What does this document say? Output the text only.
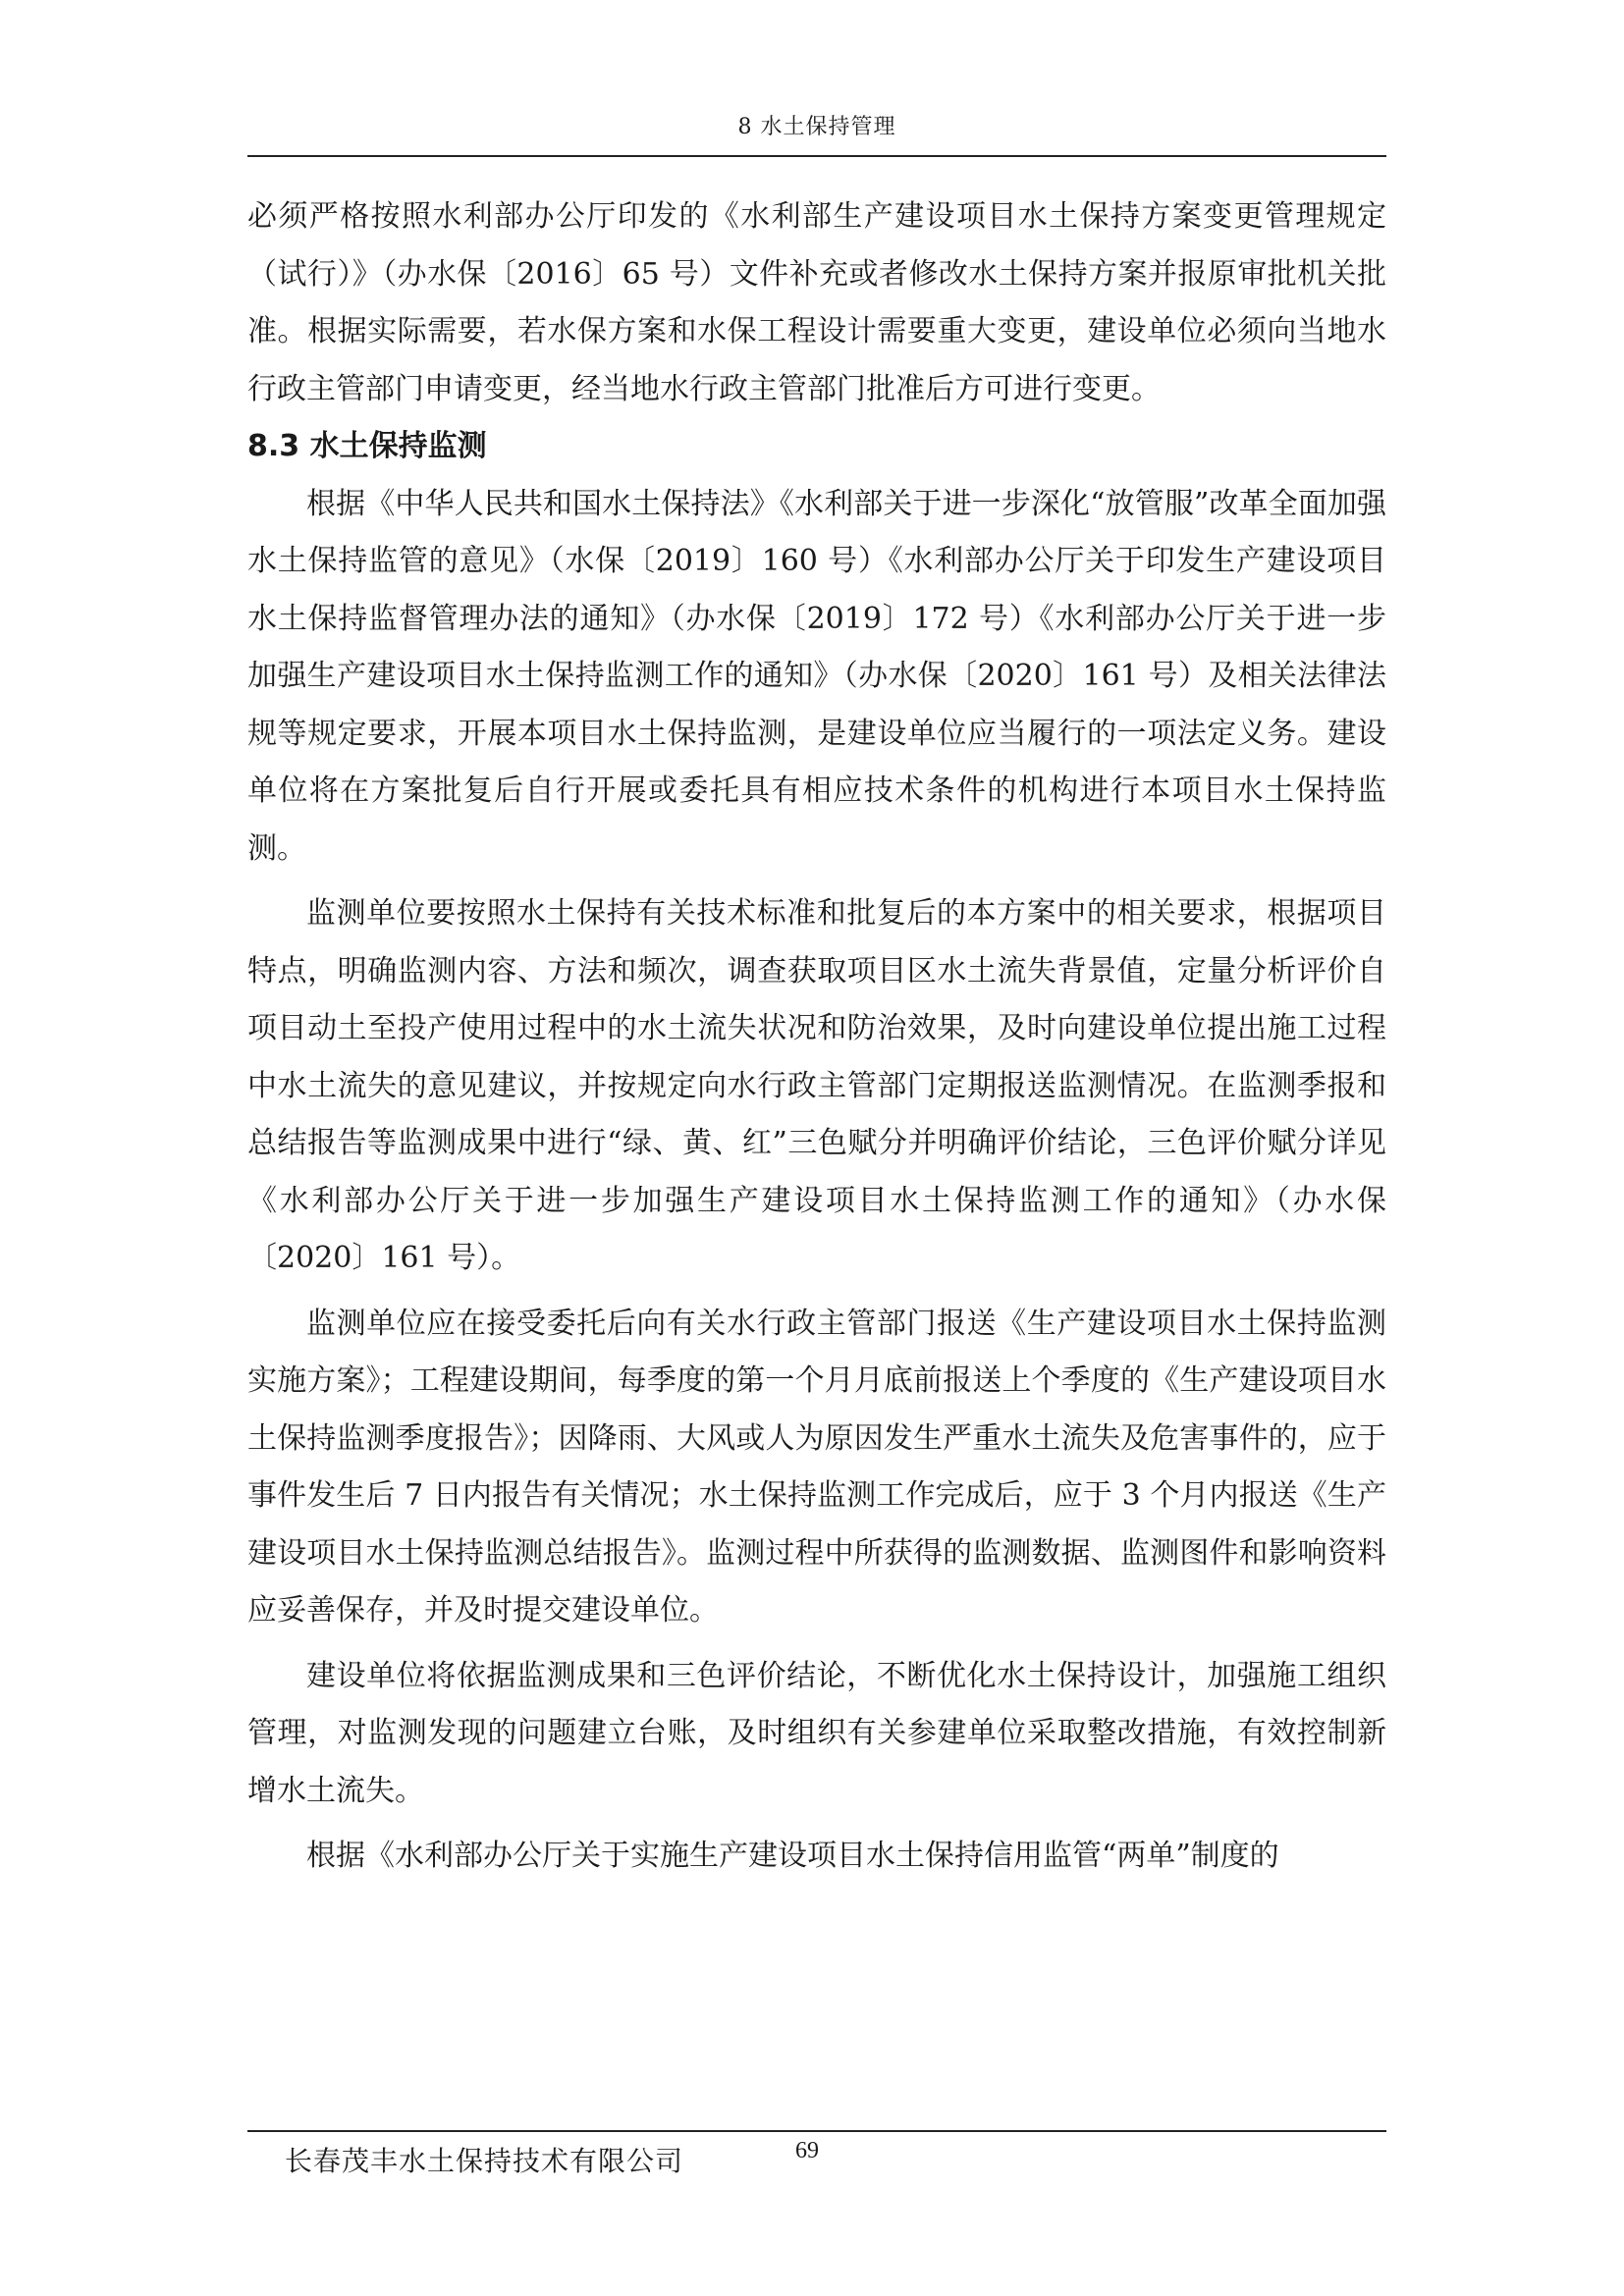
8 水土保持管理

必须严格按照水利部办公厅印发的《水利部生产建设项目水土保持方案变更管理规定（试行）》（办水保〔2016〕65 号）文件补充或者修改水土保持方案并报原审批机关批准。根据实际需要，若水保方案和水保工程设计需要重大变更，建设单位必须向当地水行政主管部门申请变更，经当地水行政主管部门批准后方可进行变更。

8.3 水土保持监测

根据《中华人民共和国水土保持法》《水利部关于进一步深化“放管服”改革全面加强水土保持监管的意见》（水保〔2019〕160 号）《水利部办公厅关于印发生产建设项目水土保持监督管理办法的通知》（办水保〔2019〕172 号）《水利部办公厅关于进一步加强生产建设项目水土保持监测工作的通知》（办水保〔2020〕161 号）及相关法律法规等规定要求，开展本项目水土保持监测，是建设单位应当履行的一项法定义务。建设单位将在方案批复后自行开展或委托具有相应技术条件的机构进行本项目水土保持监测。

监测单位要按照水土保持有关技术标准和批复后的本方案中的相关要求，根据项目特点，明确监测内容、方法和频次，调查获取项目区水土流失背景值，定量分析评价自项目动土至投产使用过程中的水土流失状况和防治效果，及时向建设单位提出施工过程中水土流失的意见建议，并按规定向水行政主管部门定期报送监测情况。在监测季报和总结报告等监测成果中进行“绿、黄、红”三色赋分并明确评价结论，三色评价赋分详见《水利部办公厅关于进一步加强生产建设项目水土保持监测工作的通知》（办水保〔2020〕161 号）。

监测单位应在接受委托后向有关水行政主管部门报送《生产建设项目水土保持监测实施方案》；工程建设期间，每季度的第一个月月底前报送上个季度的《生产建设项目水土保持监测季度报告》；因降雨、大风或人为原因发生严重水土流失及危害事件的，应于事件发生后 7 日内报告有关情况；水土保持监测工作完成后，应于 3 个月内报送《生产建设项目水土保持监测总结报告》。监测过程中所获得的监测数据、监测图件和影响资料应妥善保存，并及时提交建设单位。

建设单位将依据监测成果和三色评价结论，不断优化水土保持设计，加强施工组织管理，对监测发现的问题建立台账，及时组织有关参建单位采取整改措施，有效控制新增水土流失。

根据《水利部办公厅关于实施生产建设项目水土保持信用监管“两单”制度的

长春茂丰水土保持技术有限公司	69
